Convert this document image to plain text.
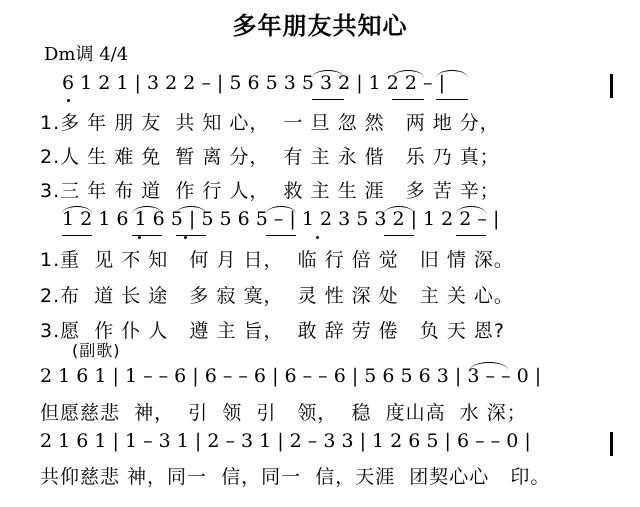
多年朋友共知心
Dm调 4/4
6 1 2 1 | 3 2 2 – | 5 6 5 3 5 3 2 | 1 2 2 – |
1.多 年 朋 友  共 知 心，  一 旦 忽 然   两 地 分，
2.人 生 难 免  暂 离 分，  有 主 永 偕   乐 乃 真；
3.三 年 布 道  作 行 人，  救 主 生 涯   多 苦 辛；
1 2 1 6 1 6 5 | 5 5 6 5 – | 1 2 3 5 3 2 | 1 2 2 – |
1.重  见 不 知   何 月 日，  临 行 倍 觉   旧 情 深。
2.布  道 长 途   多 寂 寞，  灵 性 深 处   主 关 心。
3.愿  作 仆 人   遵 主 旨，  敢 辞 劳 倦   负 天 恩?
(副歌)
2 1 6 1 | 1 – – 6 | 6 – – 6 | 6 – – 6 | 5 6 5 6 3 | 3 – – 0 |
但愿慈悲  神，  引  领  引   领，  稳  度山高  水 深；
2 1 6 1 | 1 – 3 1 | 2 – 3 1 | 2 – 3 3 | 1 2 6 5 | 6 – – 0 |
共仰慈悲 神，同一  信，同一  信，天涯  团契心心   印。
